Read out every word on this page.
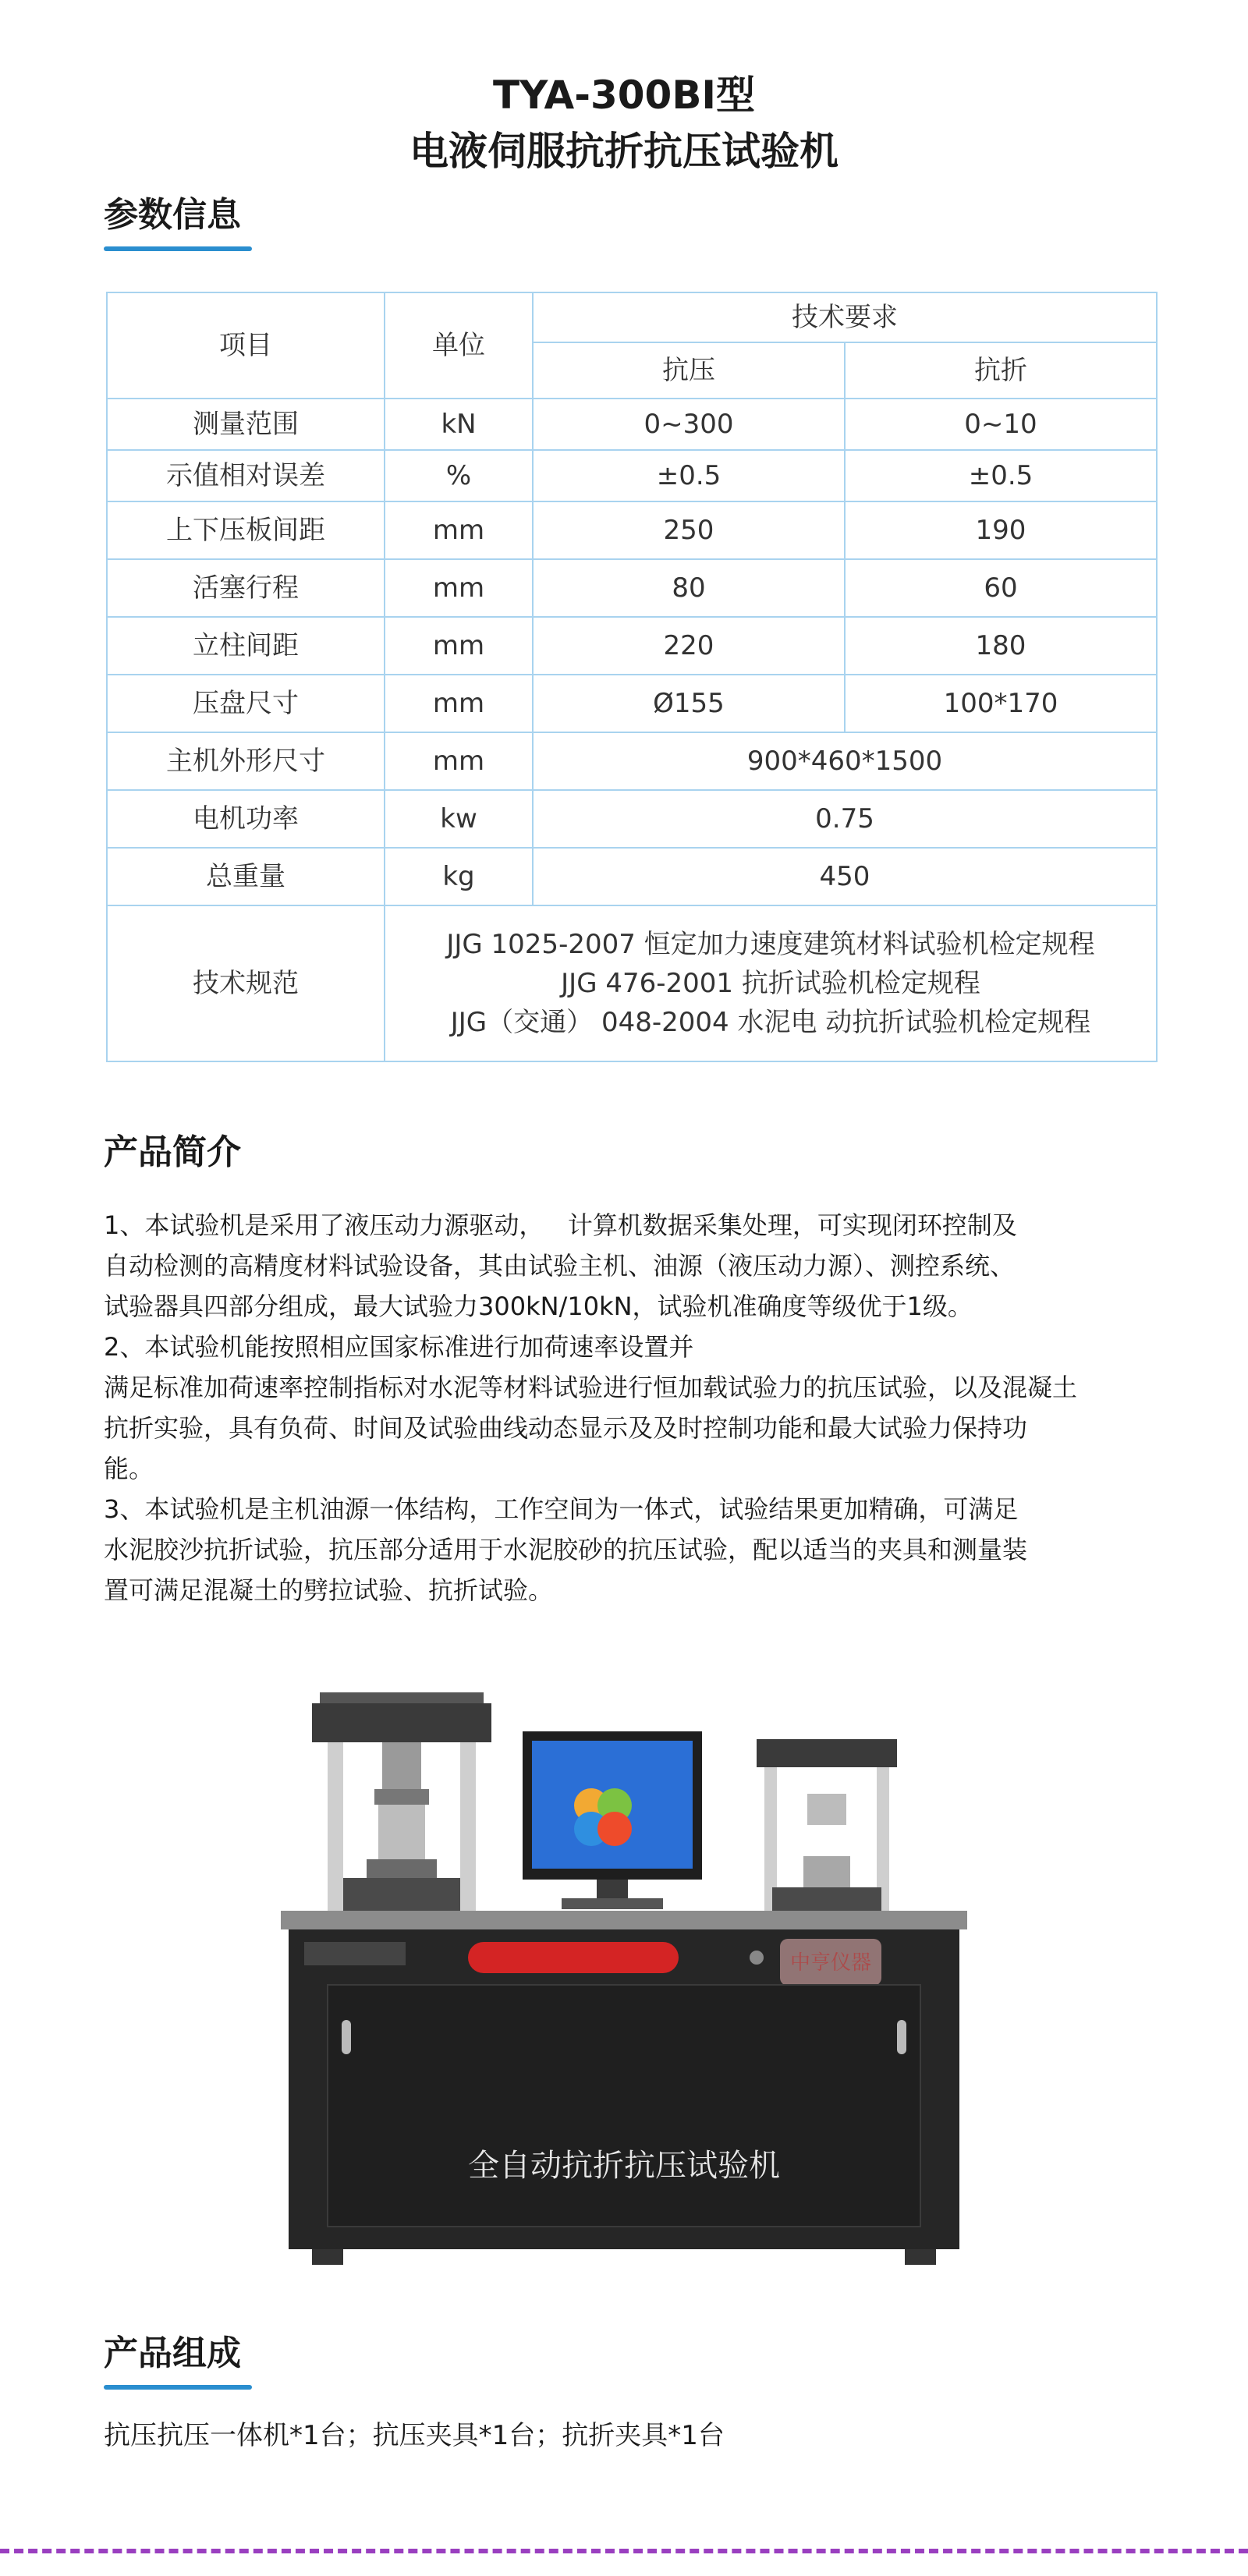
TYA-300BI型
电液伺服抗折抗压试验机
参数信息
项目	单位	技术要求	
		抗压	抗折
测量范围	kN	0~300	0~10
示值相对误差	%	±0.5	±0.5
上下压板间距	mm	250	190
活塞行程	mm	80	60
立柱间距	mm	220	180
压盘尺寸	mm	Ø155	100*170
主机外形尺寸	mm	900*460*1500	
电机功率	kw	0.75	
总重量	kg	450	
技术规范	JJG 1025-2007 恒定加力速度建筑材料试验机检定规程
JJG 476-2001 抗折试验机检定规程
JJG（交通） 048-2004 水泥电 动抗折试验机检定规程		
产品简介

1、本试验机是采用了液压动力源驱动，   计算机数据采集处理，可实现闭环控制及

自动检测的高精度材料试验设备，其由试验主机、油源（液压动力源）、测控系统、

试验器具四部分组成，最大试验力300kN/10kN，试验机准确度等级优于1级。

2、本试验机能按照相应国家标准进行加荷速率设置并

满足标准加荷速率控制指标对水泥等材料试验进行恒加载试验力的抗压试验，以及混凝土

抗折实验，具有负荷、时间及试验曲线动态显示及及时控制功能和最大试验力保持功

能。

3、本试验机是主机油源一体结构，工作空间为一体式，试验结果更加精确，可满足

水泥胶沙抗折试验，抗压部分适用于水泥胶砂的抗压试验，配以适当的夹具和测量装

置可满足混凝土的劈拉试验、抗折试验。

中亨仪器
全自动抗折抗压试验机
产品组成
抗压抗压一体机*1台；抗压夹具*1台；抗折夹具*1台
